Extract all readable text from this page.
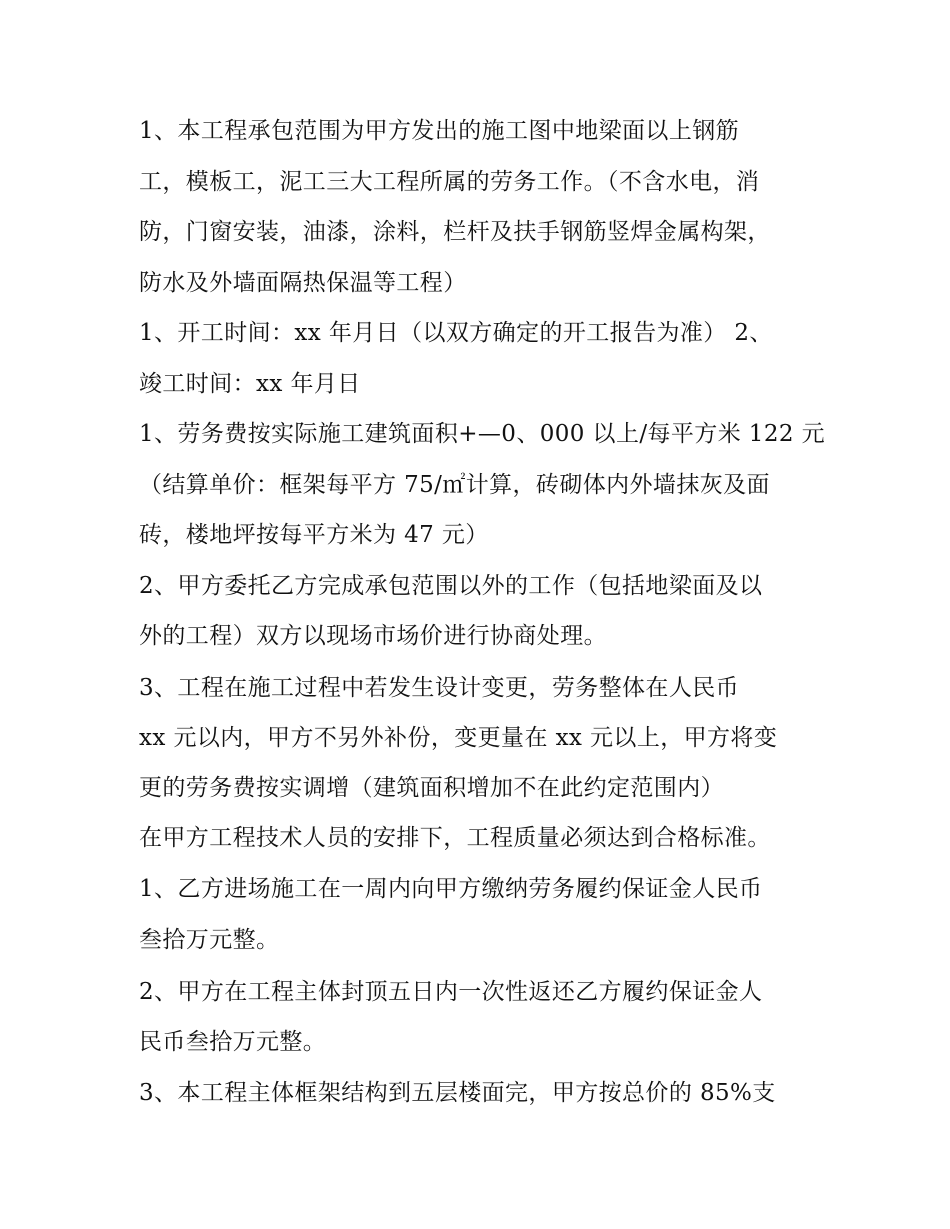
1、本工程承包范围为甲方发出的施工图中地梁面以上钢筋
工，模板工，泥工三大工程所属的劳务工作。（不含水电，消
防，门窗安装，油漆，涂料，栏杆及扶手钢筋竖焊金属构架，
防水及外墙面隔热保温等工程）
1、开工时间：xx 年月日（以双方确定的开工报告为准） 2、
竣工时间：xx 年月日
1、劳务费按实际施工建筑面积+—0、000 以上/每平方米 122 元
（结算单价：框架每平方 75/㎡计算，砖砌体内外墙抹灰及面
砖，楼地坪按每平方米为 47 元）
2、甲方委托乙方完成承包范围以外的工作（包括地梁面及以
外的工程）双方以现场市场价进行协商处理。
3、工程在施工过程中若发生设计变更，劳务整体在人民币
xx 元以内，甲方不另外补份，变更量在 xx 元以上，甲方将变
更的劳务费按实调增（建筑面积增加不在此约定范围内）
在甲方工程技术人员的安排下，工程质量必须达到合格标准。
1、乙方进场施工在一周内向甲方缴纳劳务履约保证金人民币
叁拾万元整。
2、甲方在工程主体封顶五日内一次性返还乙方履约保证金人
民币叁拾万元整。
3、本工程主体框架结构到五层楼面完，甲方按总价的 85%支
